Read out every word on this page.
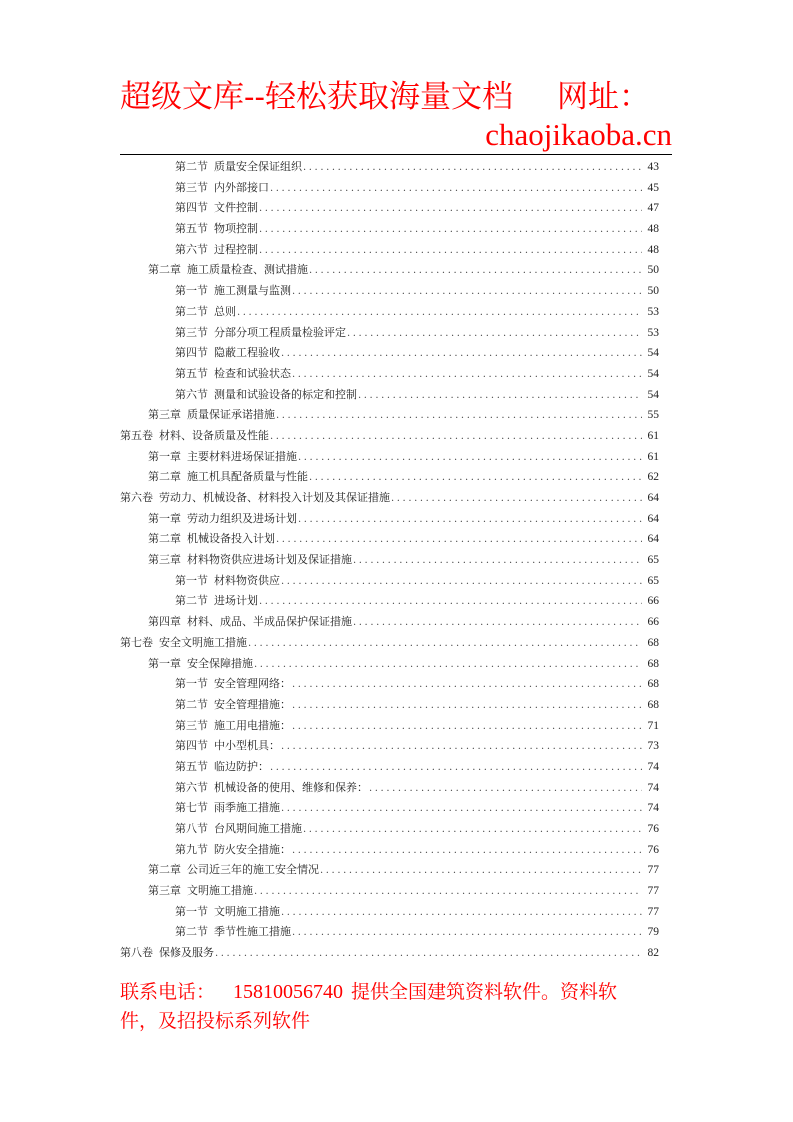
超级文库--轻松获取海量文档 网址：
chaojikaoba.cn
第二节 质量安全保证组织 .....	43
第三节 内外部接口 .....	45
第四节 文件控制 .....	47
第五节 物项控制 .....	48
第六节 过程控制 .....	48
第二章 施工质量检查、测试措施 .....	50
第一节 施工测量与监测 .....	50
第二节 总则 .....	53
第三节 分部分项工程质量检验评定 .....	53
第四节 隐蔽工程验收 .....	54
第五节 检查和试验状态 .....	54
第六节 测量和试验设备的标定和控制 .....	54
第三章 质量保证承诺措施 .....	55
第五卷 材料、设备质量及性能 .....	61
第一章 主要材料进场保证措施 .....	61
第二章 施工机具配备质量与性能 .....	62
第六卷 劳动力、机械设备、材料投入计划及其保证措施 .....	64
第一章 劳动力组织及进场计划 .....	64
第二章 机械设备投入计划 .....	64
第三章 材料物资供应进场计划及保证措施 .....	65
第一节 材料物资供应 .....	65
第二节 进场计划 .....	66
第四章 材料、成品、半成品保护保证措施 .....	66
第七卷 安全文明施工措施 .....	68
第一章 安全保障措施 .....	68
第一节 安全管理网络： .....	68
第二节 安全管理措施： .....	68
第三节 施工用电措施： .....	71
第四节 中小型机具： .....	73
第五节 临边防护： .....	74
第六节 机械设备的使用、维修和保养： .....	74
第七节 雨季施工措施 .....	74
第八节 台风期间施工措施 .....	76
第九节 防火安全措施： .....	76
第二章 公司近三年的施工安全情况 .....	77
第三章 文明施工措施 .....	77
第一节 文明施工措施 .....	77
第二节 季节性施工措施 .....	79
第八卷 保修及服务 .....	82
联系电话： 15810056740 提供全国建筑资料软件。资料软
件，及招投标系列软件
